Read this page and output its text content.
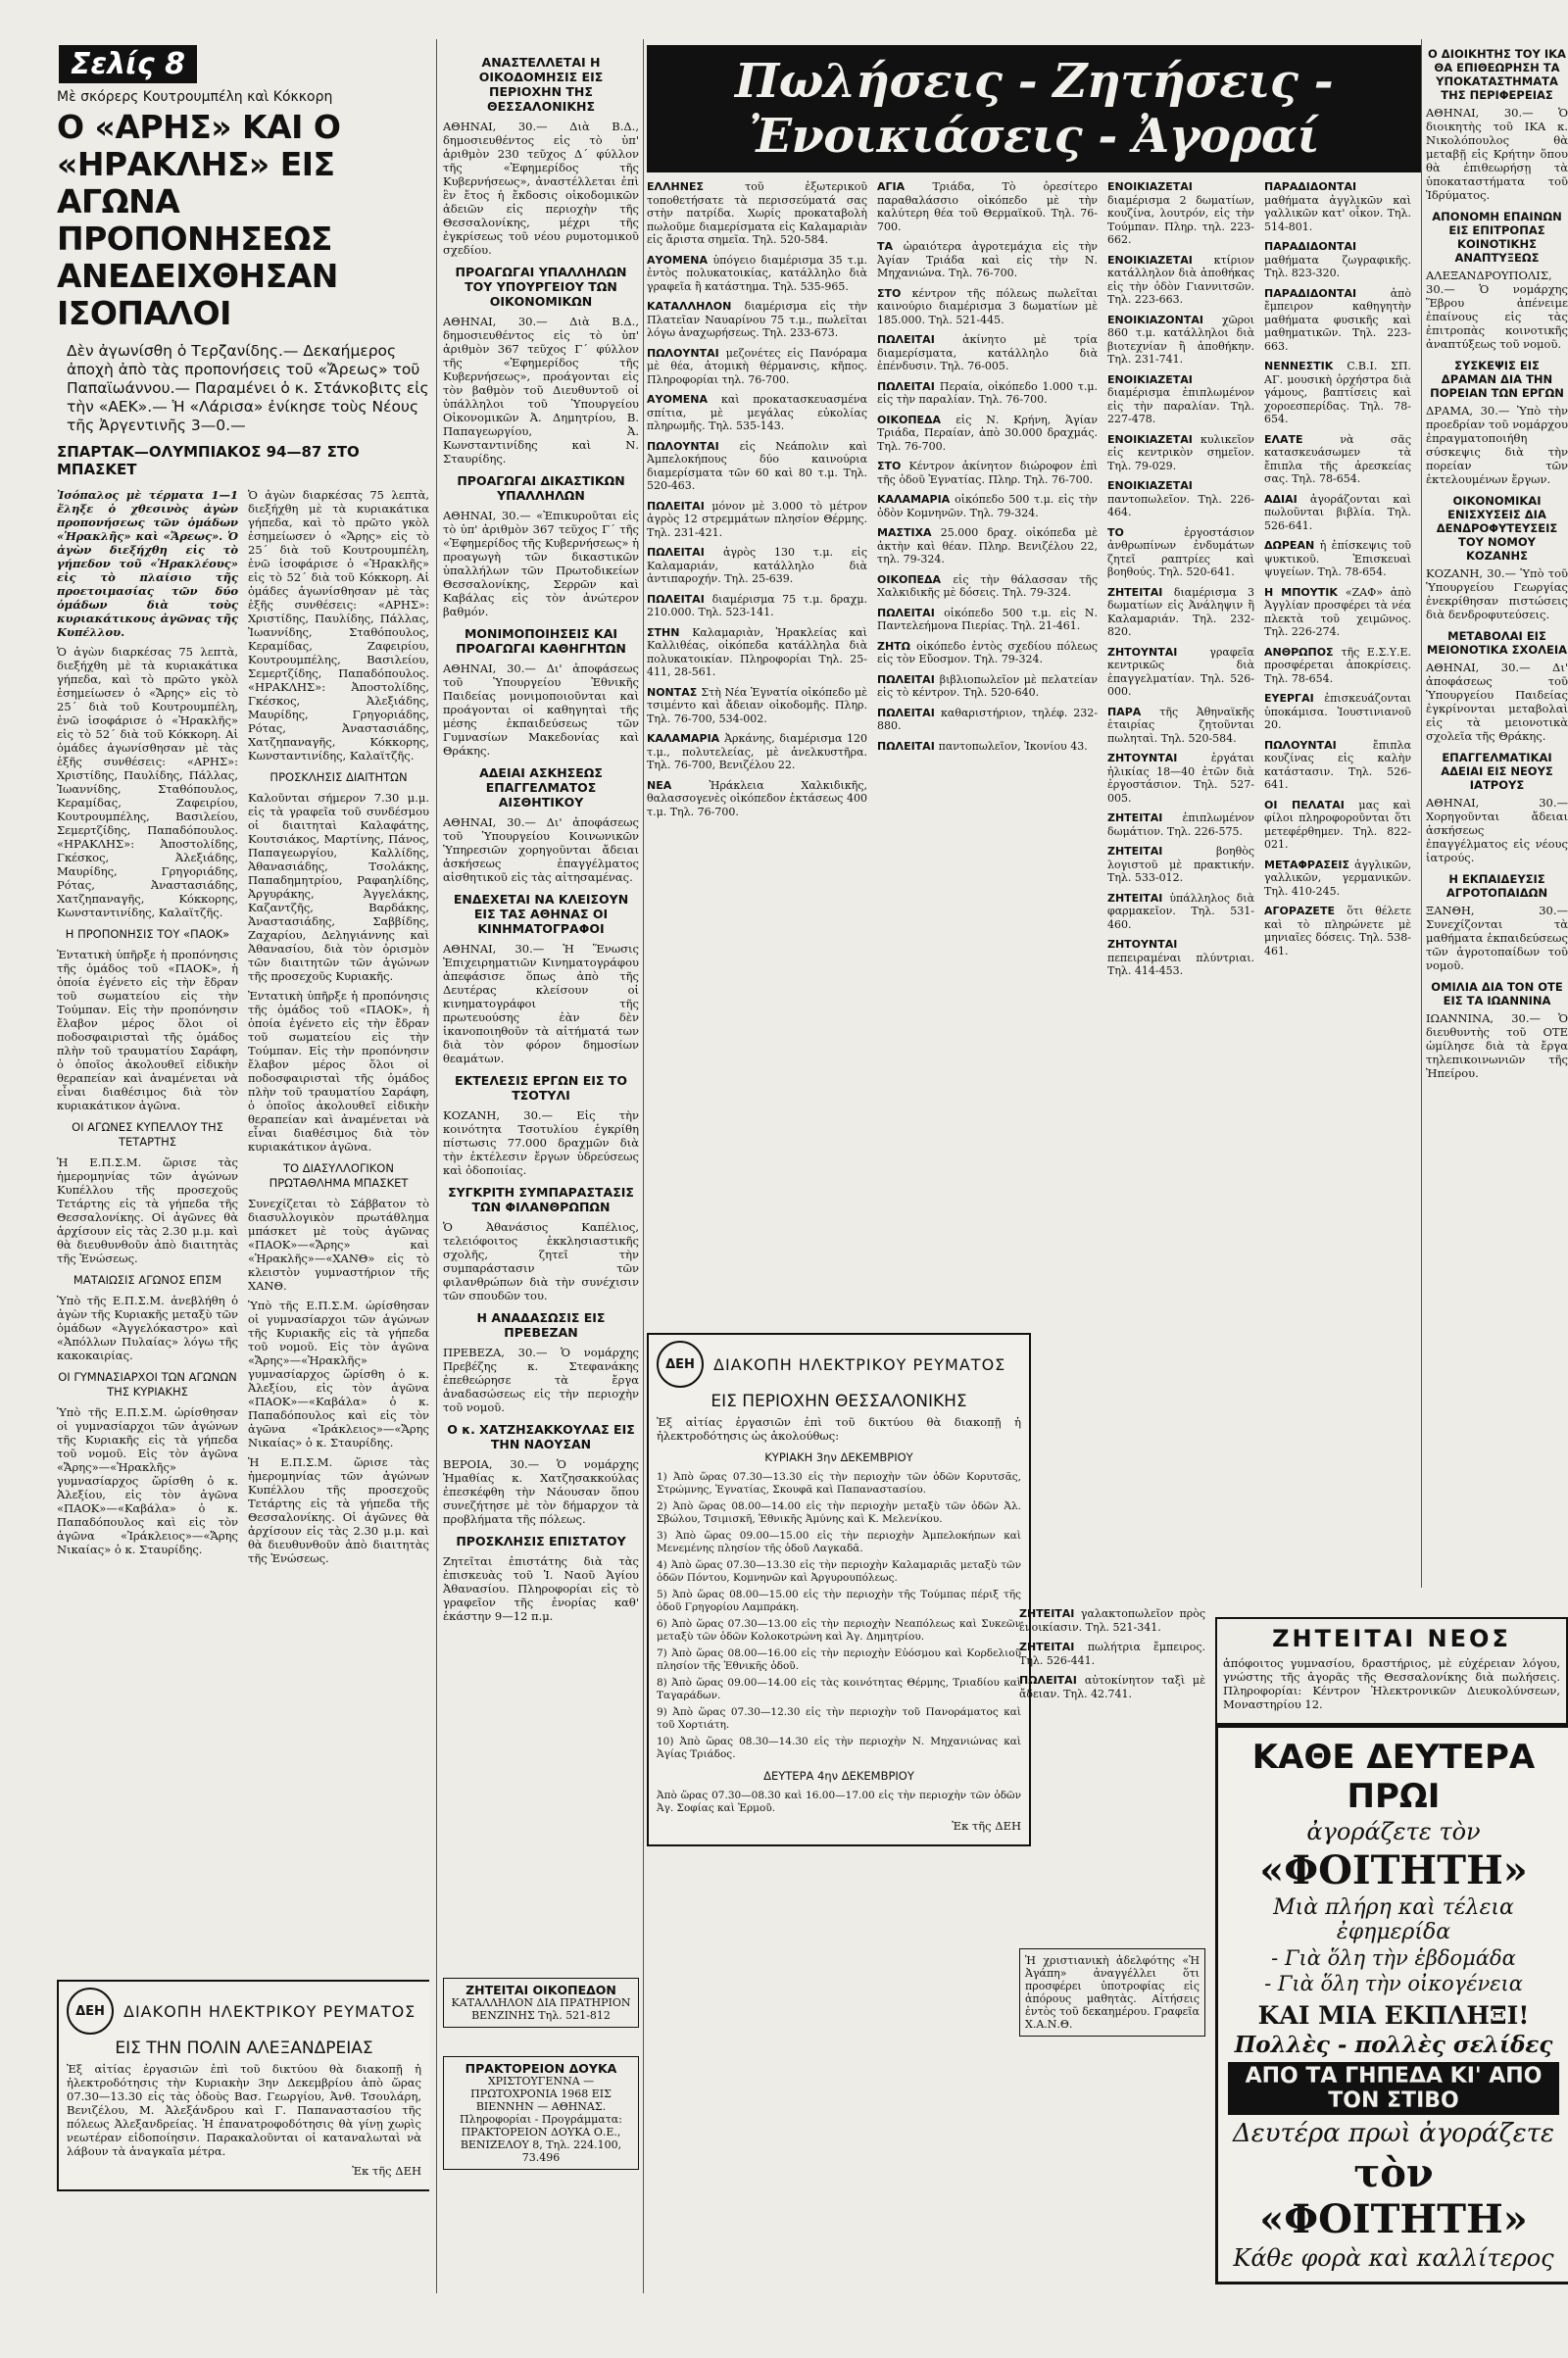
Σελίς 8

Μὲ σκόρερς Κουτρουμπέλη καὶ Κόκκορη

Ο «ΑΡΗΣ» ΚΑΙ Ο «ΗΡΑΚΛΗΣ» ΕΙΣ ΑΓΩΝΑ ΠΡΟΠΟΝΗΣΕΩΣ ΑΝΕΔΕΙΧΘΗΣΑΝ ΙΣΟΠΑΛΟΙ

Δὲν ἀγωνίσθη ὁ Τερζανίδης.— Δεκαήμερος ἀποχὴ ἀπὸ τὰς προπονήσεις τοῦ «Ἄρεως» τοῦ Παπαϊωάννου.— Παραμένει ὁ κ. Στάνκοβιτς εἰς τὴν «ΑΕΚ».— Ἡ «Λάρισα» ἐνίκησε τοὺς Νέους τῆς Ἀργεντινῆς 3—0.—

ΣΠΑΡΤΑΚ—ΟΛΥΜΠΙΑΚΟΣ 94—87 ΣΤΟ ΜΠΑΣΚΕΤ

Ἰσόπαλος μὲ τέρματα 1—1 ἔληξε ὁ χθεσινὸς ἀγὼν προπονήσεως τῶν ὁμάδων «Ἡρακλῆς» καὶ «Ἄρεως». Ὁ ἀγὼν διεξήχθη εἰς τὸ γήπεδον τοῦ «Ἡρακλέους» εἰς τὸ πλαίσιο τῆς προετοιμασίας τῶν δύο ὁμάδων διὰ τοὺς κυριακάτικους ἀγῶνας τῆς Κυπέλλου.

Ὁ ἀγὼν διαρκέσας 75 λεπτὰ, διεξήχθη μὲ τὰ κυριακάτικα γήπεδα, καὶ τὸ πρῶτο γκὸλ ἐσημείωσεν ὁ «Ἄρης» εἰς τὸ 25΄ διὰ τοῦ Κουτρουμπέλη, ἐνῶ ἰσοφάρισε ὁ «Ἡρακλῆς» εἰς τὸ 52΄ διὰ τοῦ Κόκκορη. Αἱ ὁμάδες ἀγωνίσθησαν μὲ τὰς ἑξῆς συνθέσεις: «ΑΡΗΣ»: Χριστίδης, Παυλίδης, Πάλλας, Ἰωαννίδης, Σταθόπουλος, Κεραμίδας, Ζαφειρίου, Κουτρουμπέλης, Βασιλείου, Σεμερτζίδης, Παπαδόπουλος. «ΗΡΑΚΛΗΣ»: Ἀποστολίδης, Γκέσκος, Ἀλεξιάδης, Μαυρίδης, Γρηγοριάδης, Ρότας, Ἀναστασιάδης, Χατζηπαναγῆς, Κόκκορης, Κωνσταντινίδης, Καλαϊτζῆς.

Η ΠΡΟΠΟΝΗΣΙΣ ΤΟΥ «ΠΑΟΚ»

Ἐντατικὴ ὑπῆρξε ἡ προπόνησις τῆς ὁμάδος τοῦ «ΠΑΟΚ», ἡ ὁποία ἐγένετο εἰς τὴν ἔδραν τοῦ σωματείου εἰς τὴν Τούμπαν. Εἰς τὴν προπόνησιν ἔλαβον μέρος ὅλοι οἱ ποδοσφαιρισταὶ τῆς ὁμάδος πλὴν τοῦ τραυματίου Σαράφη, ὁ ὁποῖος ἀκολουθεῖ εἰδικὴν θεραπείαν καὶ ἀναμένεται νὰ εἶναι διαθέσιμος διὰ τὸν κυριακάτικον ἀγῶνα.

ΟΙ ΑΓΩΝΕΣ ΚΥΠΕΛΛΟΥ ΤΗΣ ΤΕΤΑΡΤΗΣ

Ἡ Ε.Π.Σ.Μ. ὥρισε τὰς ἡμερομηνίας τῶν ἀγώνων Κυπέλλου τῆς προσεχοῦς Τετάρτης εἰς τὰ γήπεδα τῆς Θεσσαλονίκης. Οἱ ἀγῶνες θὰ ἀρχίσουν εἰς τὰς 2.30 μ.μ. καὶ θὰ διευθυνθοῦν ἀπὸ διαιτητὰς τῆς Ἑνώσεως.

ΜΑΤΑΙΩΣΙΣ ΑΓΩΝΟΣ ΕΠΣΜ

Ὑπὸ τῆς Ε.Π.Σ.Μ. ἀνεβλήθη ὁ ἀγὼν τῆς Κυριακῆς μεταξὺ τῶν ὁμάδων «Ἀγγελόκαστρο» καὶ «Ἀπόλλων Πυλαίας» λόγω τῆς κακοκαιρίας.

ΟΙ ΓΥΜΝΑΣΙΑΡΧΟΙ ΤΩΝ ΑΓΩΝΩΝ ΤΗΣ ΚΥΡΙΑΚΗΣ

Ὑπὸ τῆς Ε.Π.Σ.Μ. ὡρίσθησαν οἱ γυμνασίαρχοι τῶν ἀγώνων τῆς Κυριακῆς εἰς τὰ γήπεδα τοῦ νομοῦ. Εἰς τὸν ἀγῶνα «Ἄρης»—«Ἡρακλῆς» γυμνασίαρχος ὥρίσθη ὁ κ. Ἀλεξίου, εἰς τὸν ἀγῶνα «ΠΑΟΚ»—«Καβάλα» ὁ κ. Παπαδόπουλος καὶ εἰς τὸν ἀγῶνα «Ἰράκλειος»—«Ἄρης Νικαίας» ὁ κ. Σταυρίδης.

Ὁ ἀγὼν διαρκέσας 75 λεπτὰ, διεξήχθη μὲ τὰ κυριακάτικα γήπεδα, καὶ τὸ πρῶτο γκὸλ ἐσημείωσεν ὁ «Ἄρης» εἰς τὸ 25΄ διὰ τοῦ Κουτρουμπέλη, ἐνῶ ἰσοφάρισε ὁ «Ἡρακλῆς» εἰς τὸ 52΄ διὰ τοῦ Κόκκορη. Αἱ ὁμάδες ἀγωνίσθησαν μὲ τὰς ἑξῆς συνθέσεις: «ΑΡΗΣ»: Χριστίδης, Παυλίδης, Πάλλας, Ἰωαννίδης, Σταθόπουλος, Κεραμίδας, Ζαφειρίου, Κουτρουμπέλης, Βασιλείου, Σεμερτζίδης, Παπαδόπουλος. «ΗΡΑΚΛΗΣ»: Ἀποστολίδης, Γκέσκος, Ἀλεξιάδης, Μαυρίδης, Γρηγοριάδης, Ρότας, Ἀναστασιάδης, Χατζηπαναγῆς, Κόκκορης, Κωνσταντινίδης, Καλαϊτζῆς.

ΠΡΟΣΚΛΗΣΙΣ ΔΙΑΙΤΗΤΩΝ

Καλοῦνται σήμερον 7.30 μ.μ. εἰς τὰ γραφεῖα τοῦ συνδέσμου οἱ διαιτηταὶ Καλαφάτης, Κουτσιάκος, Μαρτίνης, Πάνος, Παπαγεωργίου, Καλλίδης, Ἀθανασιάδης, Τσολάκης, Παπαδημητρίου, Ραφαηλίδης, Ἀργυράκης, Ἀγγελάκης, Καζαντζῆς, Βαρδάκης, Ἀναστασιάδης, Σαββίδης, Ζαχαρίου, Δεληγιάννης καὶ Ἀθανασίου, διὰ τὸν ὁρισμὸν τῶν διαιτητῶν τῶν ἀγώνων τῆς προσεχοῦς Κυριακῆς.

Ἐντατικὴ ὑπῆρξε ἡ προπόνησις τῆς ὁμάδος τοῦ «ΠΑΟΚ», ἡ ὁποία ἐγένετο εἰς τὴν ἔδραν τοῦ σωματείου εἰς τὴν Τούμπαν. Εἰς τὴν προπόνησιν ἔλαβον μέρος ὅλοι οἱ ποδοσφαιρισταὶ τῆς ὁμάδος πλὴν τοῦ τραυματίου Σαράφη, ὁ ὁποῖος ἀκολουθεῖ εἰδικὴν θεραπείαν καὶ ἀναμένεται νὰ εἶναι διαθέσιμος διὰ τὸν κυριακάτικον ἀγῶνα.

ΤΟ ΔΙΑΣΥΛΛΟΓΙΚΟΝ ΠΡΩΤΑΘΛΗΜΑ ΜΠΑΣΚΕΤ

Συνεχίζεται τὸ Σάββατον τὸ διασυλλογικὸν πρωτάθλημα μπάσκετ μὲ τοὺς ἀγῶνας «ΠΑΟΚ»—«Ἄρης» καὶ «Ἡρακλῆς»—«ΧΑΝΘ» εἰς τὸ κλειστὸν γυμναστήριον τῆς ΧΑΝΘ.

Ὑπὸ τῆς Ε.Π.Σ.Μ. ὡρίσθησαν οἱ γυμνασίαρχοι τῶν ἀγώνων τῆς Κυριακῆς εἰς τὰ γήπεδα τοῦ νομοῦ. Εἰς τὸν ἀγῶνα «Ἄρης»—«Ἡρακλῆς» γυμνασίαρχος ὥρίσθη ὁ κ. Ἀλεξίου, εἰς τὸν ἀγῶνα «ΠΑΟΚ»—«Καβάλα» ὁ κ. Παπαδόπουλος καὶ εἰς τὸν ἀγῶνα «Ἰράκλειος»—«Ἄρης Νικαίας» ὁ κ. Σταυρίδης.

Ἡ Ε.Π.Σ.Μ. ὥρισε τὰς ἡμερομηνίας τῶν ἀγώνων Κυπέλλου τῆς προσεχοῦς Τετάρτης εἰς τὰ γήπεδα τῆς Θεσσαλονίκης. Οἱ ἀγῶνες θὰ ἀρχίσουν εἰς τὰς 2.30 μ.μ. καὶ θὰ διευθυνθοῦν ἀπὸ διαιτητὰς τῆς Ἑνώσεως.

ΔΕΗ	ΔΙΑΚΟΠΗ ΗΛΕΚΤΡΙΚΟΥ ΡΕΥΜΑΤΟΣ
ΕΙΣ ΤΗΝ ΠΟΛΙΝ ΑΛΕΞΑΝΔΡΕΙΑΣ

Ἐξ αἰτίας ἐργασιῶν ἐπὶ τοῦ δικτύου θὰ διακοπῇ ἡ ἠλεκτροδότησις τὴν Κυριακὴν 3ην Δεκεμβρίου ἀπὸ ὥρας 07.30—13.30 εἰς τὰς ὁδοὺς Βασ. Γεωργίου, Ἀνθ. Τσουλάρη, Βενιζέλου, Μ. Ἀλεξάνδρου καὶ Γ. Παπαναστασίου τῆς πόλεως Ἀλεξανδρείας. Ἡ ἐπανατροφοδότησις θὰ γίνῃ χωρὶς νεωτέραν εἰδοποίησιν. Παρακαλοῦνται οἱ καταναλωταὶ νὰ λάβουν τὰ ἀναγκαῖα μέτρα.

Ἐκ τῆς ΔΕΗ

ΑΝΑΣΤΕΛΛΕΤΑΙ Η ΟΙΚΟΔΟΜΗΣΙΣ ΕΙΣ ΠΕΡΙΟΧΗΝ ΤΗΣ ΘΕΣΣΑΛΟΝΙΚΗΣ

ΑΘΗΝΑΙ, 30.— Διὰ Β.Δ., δημοσιευθέντος εἰς τὸ ὑπ' ἀριθμὸν 230 τεῦχος Δ΄ φύλλον τῆς «Ἐφημερίδος τῆς Κυβερνήσεως», ἀναστέλλεται ἐπὶ ἓν ἔτος ἡ ἔκδοσις οἰκοδομικῶν ἀδειῶν εἰς περιοχὴν τῆς Θεσσαλονίκης, μέχρι τῆς ἐγκρίσεως τοῦ νέου ρυμοτομικοῦ σχεδίου.

ΠΡΟΑΓΩΓΑΙ ΥΠΑΛΛΗΛΩΝ ΤΟΥ ΥΠΟΥΡΓΕΙΟΥ ΤΩΝ ΟΙΚΟΝΟΜΙΚΩΝ

ΑΘΗΝΑΙ, 30.— Διὰ Β.Δ., δημοσιευθέντος εἰς τὸ ὑπ' ἀριθμὸν 367 τεῦχος Γ΄ φύλλον τῆς «Ἐφημερίδος τῆς Κυβερνήσεως», προάγονται εἰς τὸν βαθμὸν τοῦ Διευθυντοῦ οἱ ὑπάλληλοι τοῦ Ὑπουργείου Οἰκονομικῶν Ἀ. Δημητρίου, Β. Παπαγεωργίου, Ἀ. Κωνσταντινίδης καὶ Ν. Σταυρίδης.

ΠΡΟΑΓΩΓΑΙ ΔΙΚΑΣΤΙΚΩΝ ΥΠΑΛΛΗΛΩΝ

ΑΘΗΝΑΙ, 30.— «Ἐπικυροῦται εἰς τὸ ὑπ' ἀριθμὸν 367 τεῦχος Γ΄ τῆς «Ἐφημερίδος τῆς Κυβερνήσεως» ἡ προαγωγὴ τῶν δικαστικῶν ὑπαλλήλων τῶν Πρωτοδικείων Θεσσαλονίκης, Σερρῶν καὶ Καβάλας εἰς τὸν ἀνώτερον βαθμόν.

ΜΟΝΙΜΟΠΟΙΗΣΕΙΣ ΚΑΙ ΠΡΟΑΓΩΓΑΙ ΚΑΘΗΓΗΤΩΝ

ΑΘΗΝΑΙ, 30.— Δι' ἀποφάσεως τοῦ Ὑπουργείου Ἐθνικῆς Παιδείας μονιμοποιοῦνται καὶ προάγονται οἱ καθηγηταὶ τῆς μέσης ἐκπαιδεύσεως τῶν Γυμνασίων Μακεδονίας καὶ Θράκης.

ΑΔΕΙΑΙ ΑΣΚΗΣΕΩΣ ΕΠΑΓΓΕΛΜΑΤΟΣ ΑΙΣΘΗΤΙΚΟΥ

ΑΘΗΝΑΙ, 30.— Δι' ἀποφάσεως τοῦ Ὑπουργείου Κοινωνικῶν Ὑπηρεσιῶν χορηγοῦνται ἄδειαι ἀσκήσεως ἐπαγγέλματος αἰσθητικοῦ εἰς τὰς αἰτησαμένας.

ΕΝΔΕΧΕΤΑΙ ΝΑ ΚΛΕΙΣΟΥΝ ΕΙΣ ΤΑΣ ΑΘΗΝΑΣ ΟΙ ΚΙΝΗΜΑΤΟΓΡΑΦΟΙ

ΑΘΗΝΑΙ, 30.— Ἡ Ἕνωσις Ἐπιχειρηματιῶν Κινηματογράφου ἀπεφάσισε ὅπως ἀπὸ τῆς Δευτέρας κλείσουν οἱ κινηματογράφοι τῆς πρωτευούσης ἐὰν δὲν ἱκανοποιηθοῦν τὰ αἰτήματά των διὰ τὸν φόρον δημοσίων θεαμάτων.

ΕΚΤΕΛΕΣΙΣ ΕΡΓΩΝ ΕΙΣ ΤΟ ΤΣΟΤΥΛΙ

ΚΟΖΑΝΗ, 30.— Εἰς τὴν κοινότητα Τσοτυλίου ἐγκρίθη πίστωσις 77.000 δραχμῶν διὰ τὴν ἐκτέλεσιν ἔργων ὑδρεύσεως καὶ ὀδοποιίας.

ΣΥΓΚΡΙΤΗ ΣΥΜΠΑΡΑΣΤΑΣΙΣ ΤΩΝ ΦΙΛΑΝΘΡΩΠΩΝ

Ὁ Ἀθανάσιος Καπέλιος, τελειόφοιτος ἐκκλησιαστικῆς σχολῆς, ζητεῖ τὴν συμπαράστασιν τῶν φιλανθρώπων διὰ τὴν συνέχισιν τῶν σπουδῶν του.

Η ΑΝΑΔΑΣΩΣΙΣ ΕΙΣ ΠΡΕΒΕΖΑΝ

ΠΡΕΒΕΖΑ, 30.— Ὁ νομάρχης Πρεβέζης κ. Στεφανάκης ἐπεθεώρησε τὰ ἔργα ἀναδασώσεως εἰς τὴν περιοχὴν τοῦ νομοῦ.

Ο κ. ΧΑΤΖΗΣΑΚΚΟΥΛΑΣ ΕΙΣ ΤΗΝ ΝΑΟΥΣΑΝ

ΒΕΡΟΙΑ, 30.— Ὁ νομάρχης Ἡμαθίας κ. Χατζησακκούλας ἐπεσκέφθη τὴν Νάουσαν ὅπου συνεζήτησε μὲ τὸν δήμαρχον τὰ προβλήματα τῆς πόλεως.

ΠΡΟΣΚΛΗΣΙΣ ΕΠΙΣΤΑΤΟΥ

Ζητεῖται ἐπιστάτης διὰ τὰς ἐπισκευὰς τοῦ Ἱ. Ναοῦ Ἁγίου Ἀθανασίου. Πληροφορίαι εἰς τὸ γραφεῖον τῆς ἐνορίας καθ' ἑκάστην 9—12 π.μ.

ΖΗΤΕΙΤΑΙ ΟΙΚΟΠΕΔΟΝ
ΚΑΤΑΛΛΗΛΟΝ ΔΙΑ ΠΡΑΤΗΡΙΟΝ ΒΕΝΖΙΝΗΣ Τηλ. 521-812
ΠΡΑΚΤΟΡΕΙΟΝ ΔΟΥΚΑ
ΧΡΙΣΤΟΥΓΕΝΝΑ — ΠΡΩΤΟΧΡΟΝΙΑ 1968 ΕΙΣ ΒΙΕΝΝΗΝ — ΑΘΗΝΑΣ. Πληροφορίαι - Προγράμματα: ΠΡΑΚΤΟΡΕΙΟΝ ΔΟΥΚΑ Ο.Ε., ΒΕΝΙΖΕΛΟΥ 8, Τηλ. 224.100, 73.496
Πωλήσεις - Ζητήσεις - Ἐνοικιάσεις - Ἀγοραί

ΕΛΛΗΝΕΣ τοῦ ἐξωτερικοῦ τοποθετήσατε τὰ περισσεύματά σας στὴν πατρίδα. Χωρίς προκαταβολὴ πωλοῦμε διαμερίσματα εἰς Καλαμαριὰν εἰς ἄριστα σημεῖα. Τηλ. 520-584.

ΑΥΟΜΕΝΑ ὑπόγειο διαμέρισμα 35 τ.μ. ἐντὸς πολυκατοικίας, κατάλληλο διὰ γραφεῖα ἢ κατάστημα. Τηλ. 535-965.

ΚΑΤΑΛΛΗΛΟΝ διαμέρισμα εἰς τὴν Πλατεῖαν Ναυαρίνου 75 τ.μ., πωλεῖται λόγω ἀναχωρήσεως. Τηλ. 233-673.

ΠΩΛΟΥΝΤΑΙ μεζονέτες εἰς Πανόραμα μὲ θέα, ἀτομικὴ θέρμανσις, κῆπος. Πληροφορίαι τηλ. 76-700.

ΑΥΟΜΕΝΑ καὶ προκατασκευασμένα σπίτια, μὲ μεγάλας εὐκολίας πληρωμῆς. Τηλ. 535-143.

ΠΩΛΟΥΝΤΑΙ εἰς Νεάπολιν καὶ Ἀμπελοκήπους δύο καινούρια διαμερίσματα τῶν 60 καὶ 80 τ.μ. Τηλ. 520-463.

ΠΩΛΕΙΤΑΙ μόνον μὲ 3.000 τὸ μέτρον ἀγρὸς 12 στρεμμάτων πλησίον Θέρμης. Τηλ. 231-421.

ΠΩΛΕΙΤΑΙ ἀγρὸς 130 τ.μ. εἰς Καλαμαριάν, κατάλληλο διὰ ἀντιπαροχήν. Τηλ. 25-639.

ΠΩΛΕΙΤΑΙ διαμέρισμα 75 τ.μ. δραχμ. 210.000. Τηλ. 523-141.

ΣΤΗΝ Καλαμαριὰν, Ἡρακλείας καὶ Καλλιθέας, οἰκόπεδα κατάλληλα διὰ πολυκατοικίαν. Πληροφορίαι Τηλ. 25-411, 28-561.

ΝΟΝΤΑΣ Στὴ Νέα Ἐγνατία οἰκόπεδο μὲ τσιμέντο καὶ ἄδειαν οἰκοδομῆς. Πληρ. Τηλ. 76-700, 534-002.

ΚΑΛΑΜΑΡΙΑ Ἀρκάνης, διαμέρισμα 120 τ.μ., πολυτελείας, μὲ ἀνελκυστῆρα. Τηλ. 76-700, Βενιζέλου 22.

ΝΕΑ Ἠράκλεια Χαλκιδικῆς, θαλασσογενὲς οἰκόπεδον ἑκτάσεως 400 τ.μ. Τηλ. 76-700.

ΑΓΙΑ Τριάδα, Τὸ ὀρεσίτερο παραθαλάσσιο οἰκόπεδο μὲ τὴν καλύτερη θέα τοῦ Θερμαϊκοῦ. Τηλ. 76-700.

ΤΑ ὡραιότερα ἀγροτεμάχια εἰς τὴν Ἀγίαν Τριάδα καὶ εἰς τὴν Ν. Μηχανιώνα. Τηλ. 76-700.

ΣΤΟ κέντρον τῆς πόλεως πωλεῖται καινούριο διαμέρισμα 3 δωματίων μὲ 185.000. Τηλ. 521-445.

ΠΩΛΕΙΤΑΙ ἀκίνητο μὲ τρία διαμερίσματα, κατάλληλο διὰ ἐπένδυσιν. Τηλ. 76-005.

ΠΩΛΕΙΤΑΙ Περαία, οἰκόπεδο 1.000 τ.μ. εἰς τὴν παραλίαν. Τηλ. 76-700.

ΟΙΚΟΠΕΔΑ εἰς Ν. Κρήνη, Ἁγίαν Τριάδα, Περαίαν, ἀπὸ 30.000 δραχμάς. Τηλ. 76-700.

ΣΤΟ Κέντρον ἀκίνητον διώροφον ἐπὶ τῆς ὁδοῦ Ἐγνατίας. Πληρ. Τηλ. 76-700.

ΚΑΛΑΜΑΡΙΑ οἰκόπεδο 500 τ.μ. εἰς τὴν ὁδὸν Κομνηνῶν. Τηλ. 79-324.

ΜΑΣΤΙΧΑ 25.000 δραχ. οἰκόπεδα μὲ ἀκτὴν καὶ θέαν. Πληρ. Βενιζέλου 22, τηλ. 79-324.

ΟΙΚΟΠΕΔΑ εἰς τὴν θάλασσαν τῆς Χαλκιδικῆς μὲ δόσεις. Τηλ. 79-324.

ΠΩΛΕΙΤΑΙ οἰκόπεδο 500 τ.μ. εἰς Ν. Παντελεήμονα Πιερίας. Τηλ. 21-461.

ΖΗΤΩ οἰκόπεδο ἐντὸς σχεδίου πόλεως εἰς τὸν Εὔοσμον. Τηλ. 79-324.

ΠΩΛΕΙΤΑΙ βιβλιοπωλεῖον μὲ πελατείαν εἰς τὸ κέντρον. Τηλ. 520-640.

ΠΩΛΕΙΤΑΙ καθαριστήριον, τηλέφ. 232-880.

ΠΩΛΕΙΤΑΙ παντοπωλεῖον, Ἰκονίου 43.

ΕΝΟΙΚΙΑΖΕΤΑΙ διαμέρισμα 2 δωματίων, κουζίνα, λουτρόν, εἰς τὴν Τούμπαν. Πληρ. τηλ. 223-662.

ΕΝΟΙΚΙΑΖΕΤΑΙ κτίριον κατάλληλον διὰ ἀποθήκας εἰς τὴν ὁδὸν Γιαννιτσῶν. Τηλ. 223-663.

ΕΝΟΙΚΙΑΖΟΝΤΑΙ χῶροι 860 τ.μ. κατάλληλοι διὰ βιοτεχνίαν ἢ ἀποθήκην. Τηλ. 231-741.

ΕΝΟΙΚΙΑΖΕΤΑΙ διαμέρισμα ἐπιπλωμένον εἰς τὴν παραλίαν. Τηλ. 227-478.

ΕΝΟΙΚΙΑΖΕΤΑΙ κυλικεῖον εἰς κεντρικὸν σημεῖον. Τηλ. 79-029.

ΕΝΟΙΚΙΑΖΕΤΑΙ παντοπωλεῖον. Τηλ. 226-464.

ΤΟ ἐργοστάσιον ἀνθρωπίνων ἐνδυμάτων ζητεῖ ραπτρίες καὶ βοηθούς. Τηλ. 520-641.

ΖΗΤΕΙΤΑΙ διαμέρισμα 3 δωματίων εἰς Ἀνάληψιν ἢ Καλαμαριάν. Τηλ. 232-820.

ΖΗΤΟΥΝΤΑΙ γραφεῖα κεντρικῶς διὰ ἐπαγγελματίαν. Τηλ. 526-000.

ΠΑΡΑ τῆς Ἀθηναϊκῆς ἐταιρίας ζητοῦνται πωληταὶ. Τηλ. 520-584.

ΖΗΤΟΥΝΤΑΙ ἐργάται ἠλικίας 18—40 ἐτῶν διὰ ἐργοστάσιον. Τηλ. 527-005.

ΖΗΤΕΙΤΑΙ ἐπιπλωμένον δωμάτιον. Τηλ. 226-575.

ΖΗΤΕΙΤΑΙ βοηθὸς λογιστοῦ μὲ πρακτικήν. Τηλ. 533-012.

ΖΗΤΕΙΤΑΙ ὑπάλληλος διὰ φαρμακεῖον. Τηλ. 531-460.

ΖΗΤΟΥΝΤΑΙ πεπειραμέναι πλύντριαι. Τηλ. 414-453.

ΠΑΡΑΔΙΔΟΝΤΑΙ μαθήματα ἀγγλικῶν καὶ γαλλικῶν κατ' οἶκον. Τηλ. 514-801.

ΠΑΡΑΔΙΔΟΝΤΑΙ μαθήματα ζωγραφικῆς. Τηλ. 823-320.

ΠΑΡΑΔΙΔΟΝΤΑΙ ἀπὸ ἔμπειρον καθηγητὴν μαθήματα φυσικῆς καὶ μαθηματικῶν. Τηλ. 223-663.

ΝΕΝΝΕΣΤΙΚ C.B.I. ΣΠ. ΑΓ. μουσικὴ ὀρχήστρα διὰ γάμους, βαπτίσεις καὶ χοροεσπερίδας. Τηλ. 78-654.

ΕΛΑΤΕ νὰ σᾶς κατασκευάσωμεν τὰ ἔπιπλα τῆς ἀρεσκείας σας. Τηλ. 78-654.

ΑΔΙΑΙ ἀγοράζονται καὶ πωλοῦνται βιβλία. Τηλ. 526-641.

ΔΩΡΕΑΝ ἡ ἐπίσκεψις τοῦ ψυκτικοῦ. Ἐπισκευαὶ ψυγείων. Τηλ. 78-654.

Η ΜΠΟΥΤΙΚ «ΖΑΦ» ἀπὸ Ἀγγλίαν προσφέρει τὰ νέα πλεκτὰ τοῦ χειμῶνος. Τηλ. 226-274.

ΑΝΘΡΩΠΟΣ τῆς Ε.Σ.Υ.Ε. προσφέρεται ἀποκρίσεις. Τηλ. 78-654.

ΕΥΕΡΓΑΙ ἐπισκευάζονται ὑποκάμισα. Ἰουστινιανοῦ 20.

ΠΩΛΟΥΝΤΑΙ ἔπιπλα κουζίνας εἰς καλὴν κατάστασιν. Τηλ. 526-641.

ΟΙ ΠΕΛΑΤΑΙ μας καὶ φίλοι πληροφοροῦνται ὅτι μετεφέρθημεν. Τηλ. 822-021.

ΜΕΤΑΦΡΑΣΕΙΣ ἀγγλικῶν, γαλλικῶν, γερμανικῶν. Τηλ. 410-245.

ΑΓΟΡΑΖΕΤΕ ὅτι θέλετε καὶ τὸ πληρώνετε μὲ μηνιαῖες δόσεις. Τηλ. 538-461.

ΔΕΗ	ΔΙΑΚΟΠΗ ΗΛΕΚΤΡΙΚΟΥ ΡΕΥΜΑΤΟΣ
ΕΙΣ ΠΕΡΙΟΧΗΝ ΘΕΣΣΑΛΟΝΙΚΗΣ

Ἐξ αἰτίας ἐργασιῶν ἐπὶ τοῦ δικτύου θὰ διακοπῇ ἡ ἠλεκτροδότησις ὡς ἀκολούθως:

ΚΥΡΙΑΚΗ 3ην ΔΕΚΕΜΒΡΙΟΥ

1) Ἀπὸ ὥρας 07.30—13.30 εἰς τὴν περιοχὴν τῶν ὁδῶν Κορυτσᾶς, Στρώμνης, Ἐγνατίας, Σκουφᾶ καὶ Παπαναστασίου.

2) Ἀπὸ ὥρας 08.00—14.00 εἰς τὴν περιοχὴν μεταξὺ τῶν ὁδῶν Ἀλ. Σβώλου, Τσιμισκῆ, Ἐθνικῆς Ἀμύνης καὶ Κ. Μελενίκου.

3) Ἀπὸ ὥρας 09.00—15.00 εἰς τὴν περιοχὴν Ἀμπελοκήπων καὶ Μενεμένης πλησίον τῆς ὁδοῦ Λαγκαδᾶ.

4) Ἀπὸ ὥρας 07.30—13.30 εἰς τὴν περιοχὴν Καλαμαριᾶς μεταξὺ τῶν ὁδῶν Πόντου, Κομνηνῶν καὶ Ἀργυρουπόλεως.

5) Ἀπὸ ὥρας 08.00—15.00 εἰς τὴν περιοχὴν τῆς Τούμπας πέριξ τῆς ὁδοῦ Γρηγορίου Λαμπράκη.

6) Ἀπὸ ὥρας 07.30—13.00 εἰς τὴν περιοχὴν Νεαπόλεως καὶ Συκεῶν μεταξὺ τῶν ὁδῶν Κολοκοτρώνη καὶ Ἀγ. Δημητρίου.

7) Ἀπὸ ὥρας 08.00—16.00 εἰς τὴν περιοχὴν Εὐόσμου καὶ Κορδελιοῦ πλησίον τῆς Ἐθνικῆς ὁδοῦ.

8) Ἀπὸ ὥρας 09.00—14.00 εἰς τὰς κοινότητας Θέρμης, Τριαδίου καὶ Ταγαράδων.

9) Ἀπὸ ὥρας 07.30—12.30 εἰς τὴν περιοχὴν τοῦ Πανοράματος καὶ τοῦ Χορτιάτη.

10) Ἀπὸ ὥρας 08.30—14.30 εἰς τὴν περιοχὴν Ν. Μηχανιώνας καὶ Ἁγίας Τριάδος.

ΔΕΥΤΕΡΑ 4ην ΔΕΚΕΜΒΡΙΟΥ

Ἀπὸ ὥρας 07.30—08.30 καὶ 16.00—17.00 εἰς τὴν περιοχὴν τῶν ὁδῶν Ἀγ. Σοφίας καὶ Ἑρμοῦ.

Ἐκ τῆς ΔΕΗ

ΖΗΤΕΙΤΑΙ ΝΕΟΣ

ἀπόφοιτος γυμνασίου, δραστήριος, μὲ εὐχέρειαν λόγου, γνώστης τῆς ἀγορᾶς τῆς Θεσσαλονίκης διὰ πωλήσεις. Πληροφορίαι: Κέντρον Ἠλεκτρονικῶν Διευκολύνσεων, Μοναστηρίου 12.

Ἡ χριστιανικὴ ἀδελφότης «Ἡ Ἀγάπη» ἀναγγέλλει ὅτι προσφέρει ὑποτροφίας εἰς ἀπόρους μαθητὰς. Αἰτήσεις ἐντὸς τοῦ δεκαημέρου. Γραφεῖα Χ.Α.Ν.Θ.
ΚΑΘΕ ΔΕΥΤΕΡΑ ΠΡΩΙ
ἀγοράζετε τὸν
«ΦΟΙΤΗΤΗ»
Μιὰ πλήρη καὶ τέλεια ἐφημερίδα
- Γιὰ ὅλη τὴν ἑβδομάδα
- Γιὰ ὅλη τὴν οἰκογένεια
ΚΑΙ ΜΙΑ ΕΚΠΛΗΞΙ!
Πολλὲς - πολλὲς σελίδες
ΑΠΟ ΤΑ ΓΗΠΕΔΑ ΚΙ' ΑΠΟ ΤΟΝ ΣΤΙΒΟ
Δευτέρα πρωὶ ἀγοράζετε
τὸν «ΦΟΙΤΗΤΗ»
Κάθε φορὰ καὶ καλλίτερος

Ο ΔΙΟΙΚΗΤΗΣ ΤΟΥ ΙΚΑ ΘΑ ΕΠΙΘΕΩΡΗΣΗ ΤΑ ΥΠΟΚΑΤΑΣΤΗΜΑΤΑ ΤΗΣ ΠΕΡΙΦΕΡΕΙΑΣ

ΑΘΗΝΑΙ, 30.— Ὁ διοικητὴς τοῦ ΙΚΑ κ. Νικολόπουλος θὰ μεταβῇ εἰς Κρήτην ὅπου θὰ ἐπιθεωρήσῃ τὰ ὑποκαταστήματα τοῦ Ἱδρύματος.

ΑΠΟΝΟΜΗ ΕΠΑΙΝΩΝ ΕΙΣ ΕΠΙΤΡΟΠΑΣ ΚΟΙΝΟΤΙΚΗΣ ΑΝΑΠΤΥΞΕΩΣ

ΑΛΕΞΑΝΔΡΟΥΠΟΛΙΣ, 30.— Ὁ νομάρχης Ἕβρου ἀπένειμε ἐπαίνους εἰς τὰς ἐπιτροπὰς κοινοτικῆς ἀναπτύξεως τοῦ νομοῦ.

ΣΥΣΚΕΨΙΣ ΕΙΣ ΔΡΑΜΑΝ ΔΙΑ ΤΗΝ ΠΟΡΕΙΑΝ ΤΩΝ ΕΡΓΩΝ

ΔΡΑΜΑ, 30.— Ὑπὸ τὴν προεδρίαν τοῦ νομάρχου ἐπραγματοποιήθη σύσκεψις διὰ τὴν πορείαν τῶν ἐκτελουμένων ἔργων.

ΟΙΚΟΝΟΜΙΚΑΙ ΕΝΙΣΧΥΣΕΙΣ ΔΙΑ ΔΕΝΔΡΟΦΥΤΕΥΣΕΙΣ ΤΟΥ ΝΟΜΟΥ ΚΟΖΑΝΗΣ

ΚΟΖΑΝΗ, 30.— Ὑπὸ τοῦ Ὑπουργείου Γεωργίας ἐνεκρίθησαν πιστώσεις διὰ δενδροφυτεύσεις.

ΜΕΤΑΒΟΛΑΙ ΕΙΣ ΜΕΙΟΝΟΤΙΚΑ ΣΧΟΛΕΙΑ

ΑΘΗΝΑΙ, 30.— Δι' ἀποφάσεως τοῦ Ὑπουργείου Παιδείας ἐγκρίνονται μεταβολαὶ εἰς τὰ μειονοτικὰ σχολεῖα τῆς Θράκης.

ΕΠΑΓΓΕΛΜΑΤΙΚΑΙ ΑΔΕΙΑΙ ΕΙΣ ΝΕΟΥΣ ΙΑΤΡΟΥΣ

ΑΘΗΝΑΙ, 30.— Χορηγοῦνται ἄδειαι ἀσκήσεως ἐπαγγέλματος εἰς νέους ἰατρούς.

Η ΕΚΠΑΙΔΕΥΣΙΣ ΑΓΡΟΤΟΠΑΙΔΩΝ

ΞΑΝΘΗ, 30.— Συνεχίζονται τὰ μαθήματα ἐκπαιδεύσεως τῶν ἀγροτοπαίδων τοῦ νομοῦ.

ΟΜΙΛΙΑ ΔΙΑ ΤΟΝ ΟΤΕ ΕΙΣ ΤΑ ΙΩΑΝΝΙΝΑ

ΙΩΑΝΝΙΝΑ, 30.— Ὁ διευθυντὴς τοῦ ΟΤΕ ὡμίλησε διὰ τὰ ἔργα τηλεπικοινωνιῶν τῆς Ἠπείρου.

ΖΗΤΕΙΤΑΙ γαλακτοπωλεῖον πρὸς ἐνοικίασιν. Τηλ. 521-341.

ΖΗΤΕΙΤΑΙ πωλήτρια ἔμπειρος. Τηλ. 526-441.

ΠΩΛΕΙΤΑΙ αὐτοκίνητον ταξὶ μὲ ἄδειαν. Τηλ. 42.741.
